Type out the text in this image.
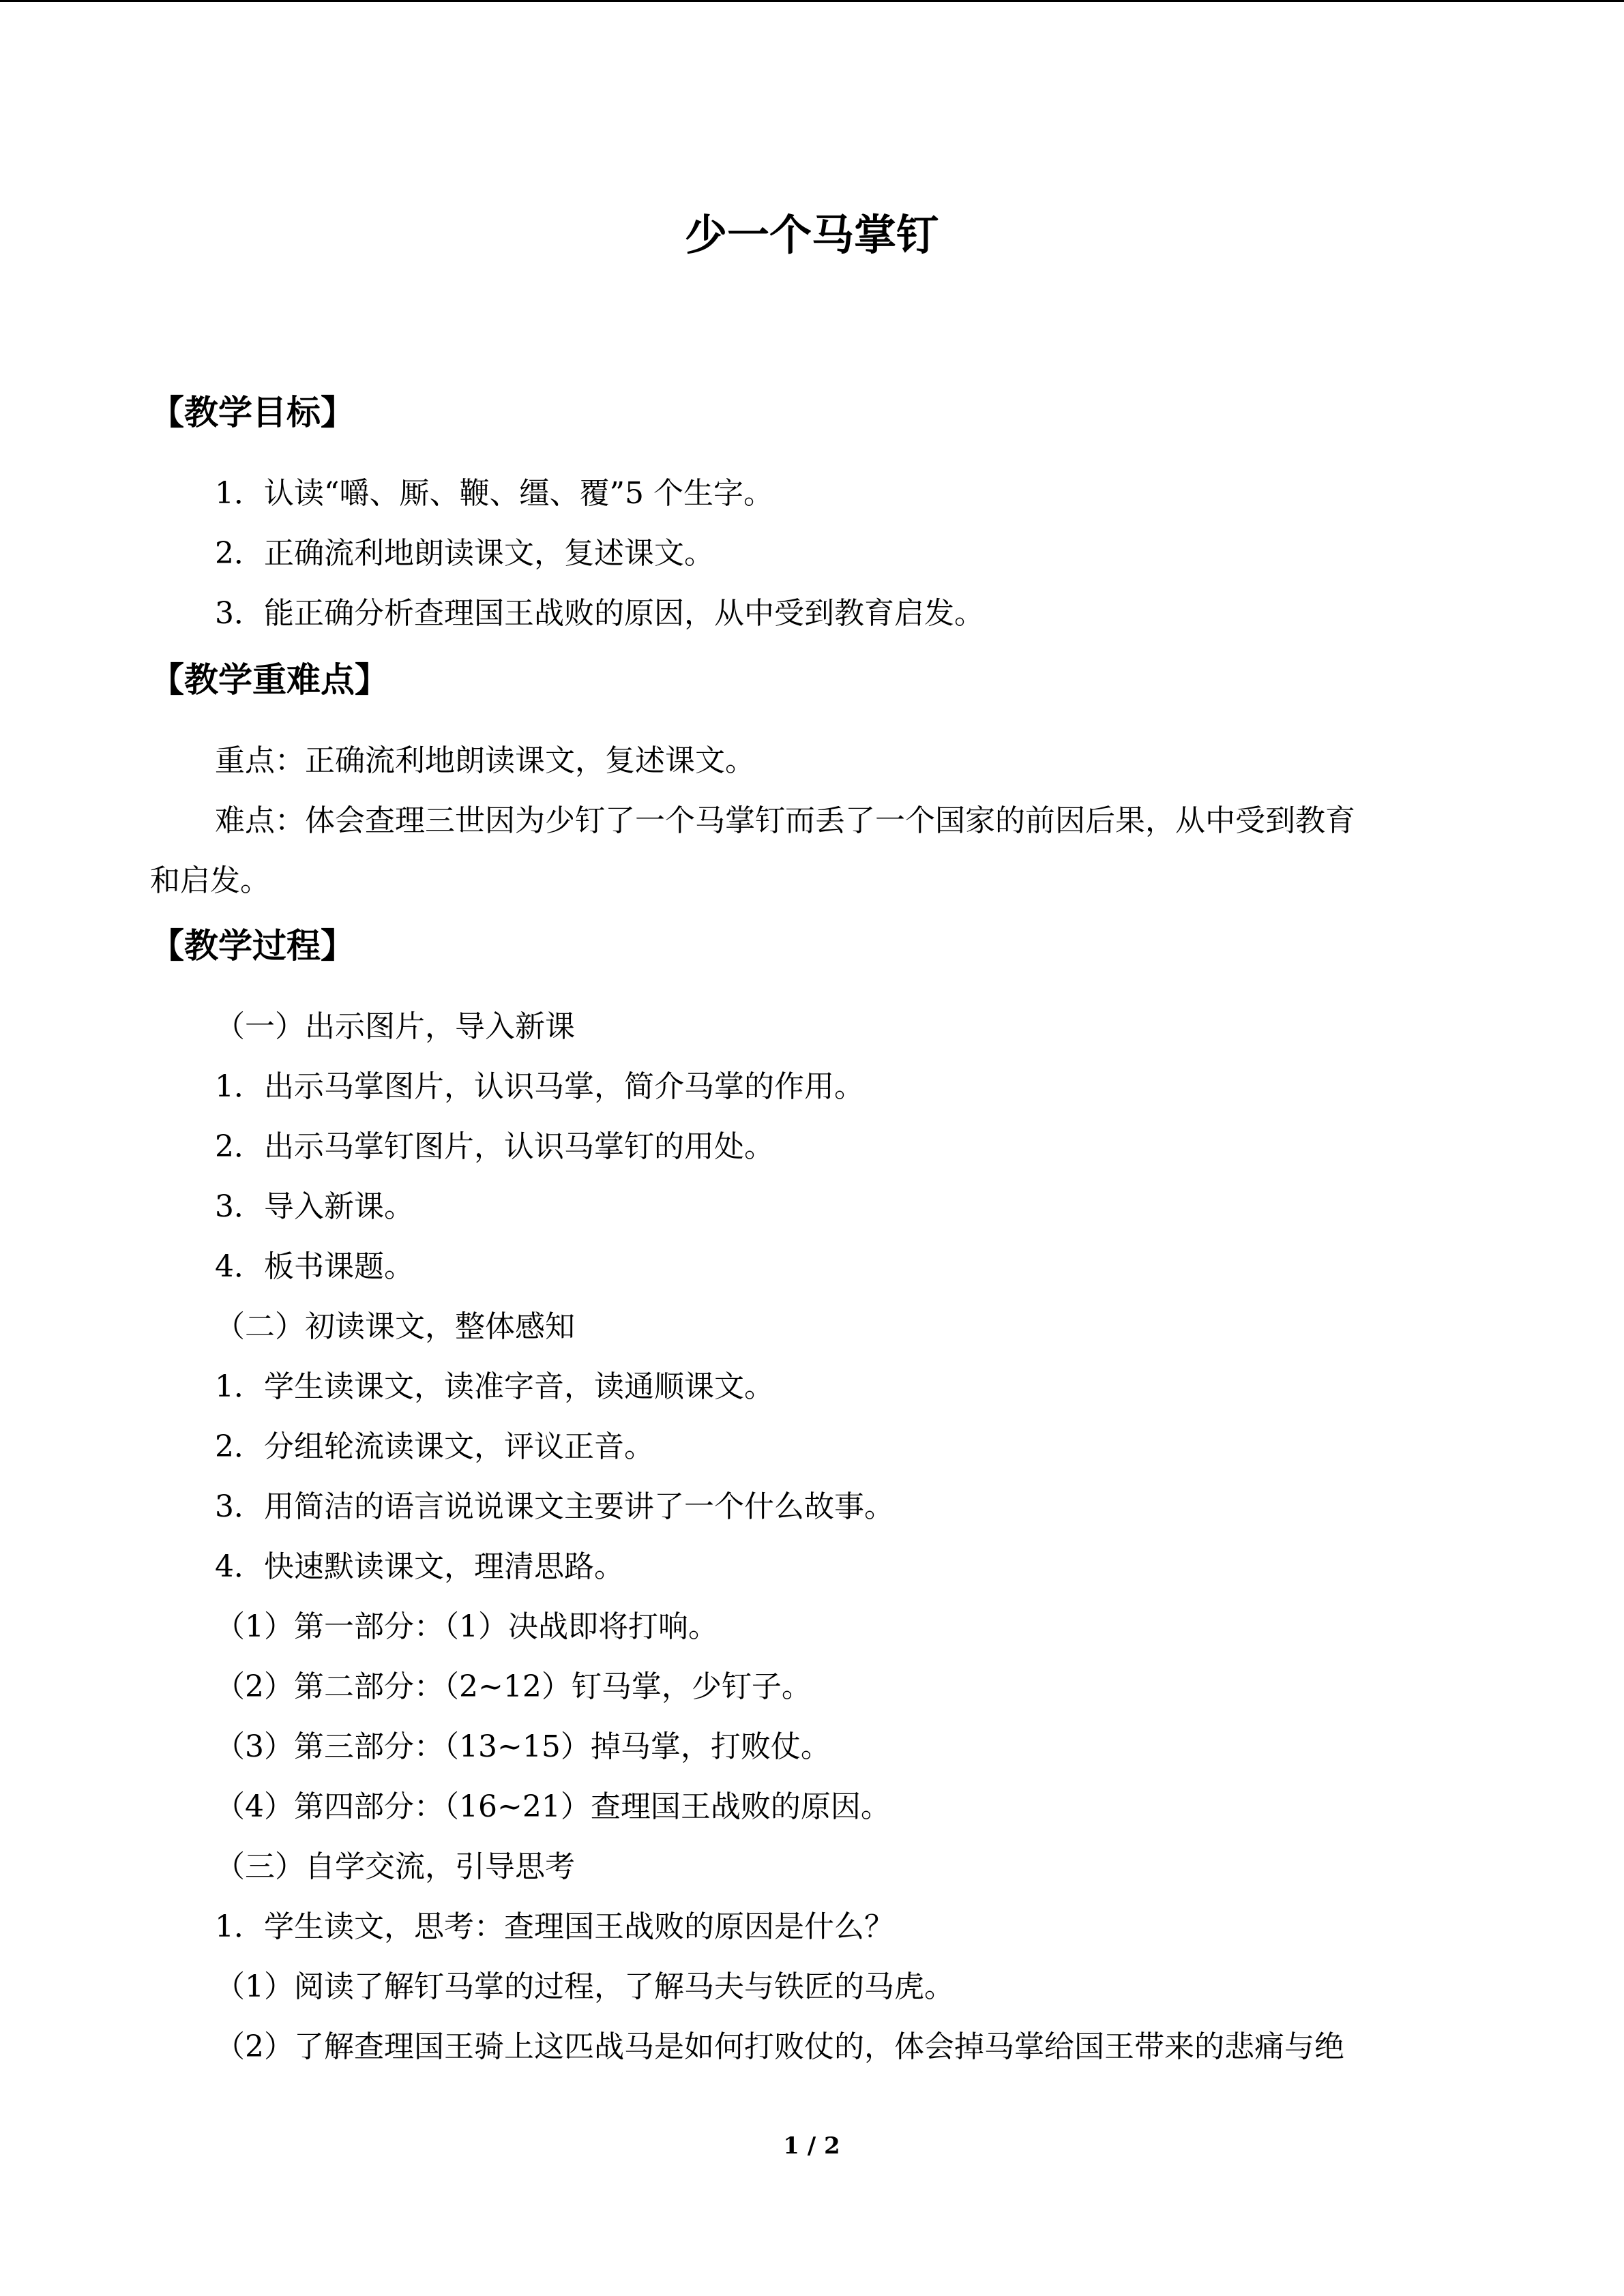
少一个马掌钉
【教学目标】
1．认读“嚼、厮、鞭、缰、覆”5 个生字。
2．正确流利地朗读课文，复述课文。
3．能正确分析查理国王战败的原因，从中受到教育启发。
【教学重难点】
重点：正确流利地朗读课文，复述课文。
难点：体会查理三世因为少钉了一个马掌钉而丢了一个国家的前因后果，从中受到教育
和启发。
【教学过程】
（一）出示图片，导入新课
1．出示马掌图片，认识马掌，简介马掌的作用。
2．出示马掌钉图片，认识马掌钉的用处。
3．导入新课。
4．板书课题。
（二）初读课文，整体感知
1．学生读课文，读准字音，读通顺课文。
2．分组轮流读课文，评议正音。
3．用简洁的语言说说课文主要讲了一个什么故事。
4．快速默读课文，理清思路。
（1）第一部分：（1）决战即将打响。
（2）第二部分：（2~12）钉马掌，少钉子。
（3）第三部分：（13~15）掉马掌，打败仗。
（4）第四部分：（16~21）查理国王战败的原因。
（三）自学交流，引导思考
1．学生读文，思考：查理国王战败的原因是什么？
（1）阅读了解钉马掌的过程，了解马夫与铁匠的马虎。
（2）了解查理国王骑上这匹战马是如何打败仗的，体会掉马掌给国王带来的悲痛与绝
1 / 2
